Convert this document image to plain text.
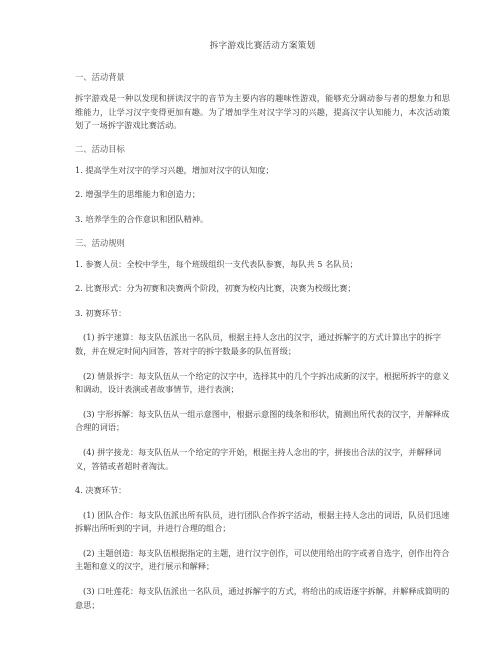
拆字游戏比赛活动方案策划
一、活动背景
拆字游戏是一种以发现和拼读汉字的音节为主要内容的趣味性游戏，能够充分调动参与者的想象力和思维能力，让学习汉字变得更加有趣。为了增加学生对汉字学习的兴趣，提高汉字认知能力，本次活动策划了一场拆字游戏比赛活动。
二、活动目标
1. 提高学生对汉字的学习兴趣，增加对汉字的认知度；
2. 增强学生的思维能力和创造力；
3. 培养学生的合作意识和团队精神。
三、活动规则
1. 参赛人员：全校中学生，每个班级组织一支代表队参赛，每队共 5 名队员；
2. 比赛形式：分为初赛和决赛两个阶段，初赛为校内比赛，决赛为校级比赛；
3. 初赛环节：
(1) 拆字速算：每支队伍派出一名队员，根据主持人念出的汉字，通过拆解字的方式计算出字的拆字数，并在规定时间内回答，答对字的拆字数最多的队伍晋级；
(2) 情景拆字：每支队伍从一个给定的汉字中，选择其中的几个字拆出成新的汉字，根据所拆字的意义和调动，设计表演或者故事情节，进行表演；
(3) 字形拆解：每支队伍从一组示意图中，根据示意图的线条和形状，猜测出所代表的汉字，并解释成合理的词语；
(4) 拼字接龙：每支队伍从一个给定的字开始，根据主持人念出的字，拼接出合法的汉字，并解释词义，答错或者超时者淘汰。
4. 决赛环节：
(1) 团队合作：每支队伍派出所有队员，进行团队合作拆字活动，根据主持人念出的词语，队员们迅速拆解出所听到的字词，并进行合理的组合；
(2) 主题创造：每支队伍根据指定的主题，进行汉字创作，可以使用给出的字或者自选字，创作出符合主题和意义的汉字，进行展示和解释；
(3) 口吐莲花：每支队伍派出一名队员，通过拆解字的方式，将给出的成语逐字拆解，并解释成简明的意思；
